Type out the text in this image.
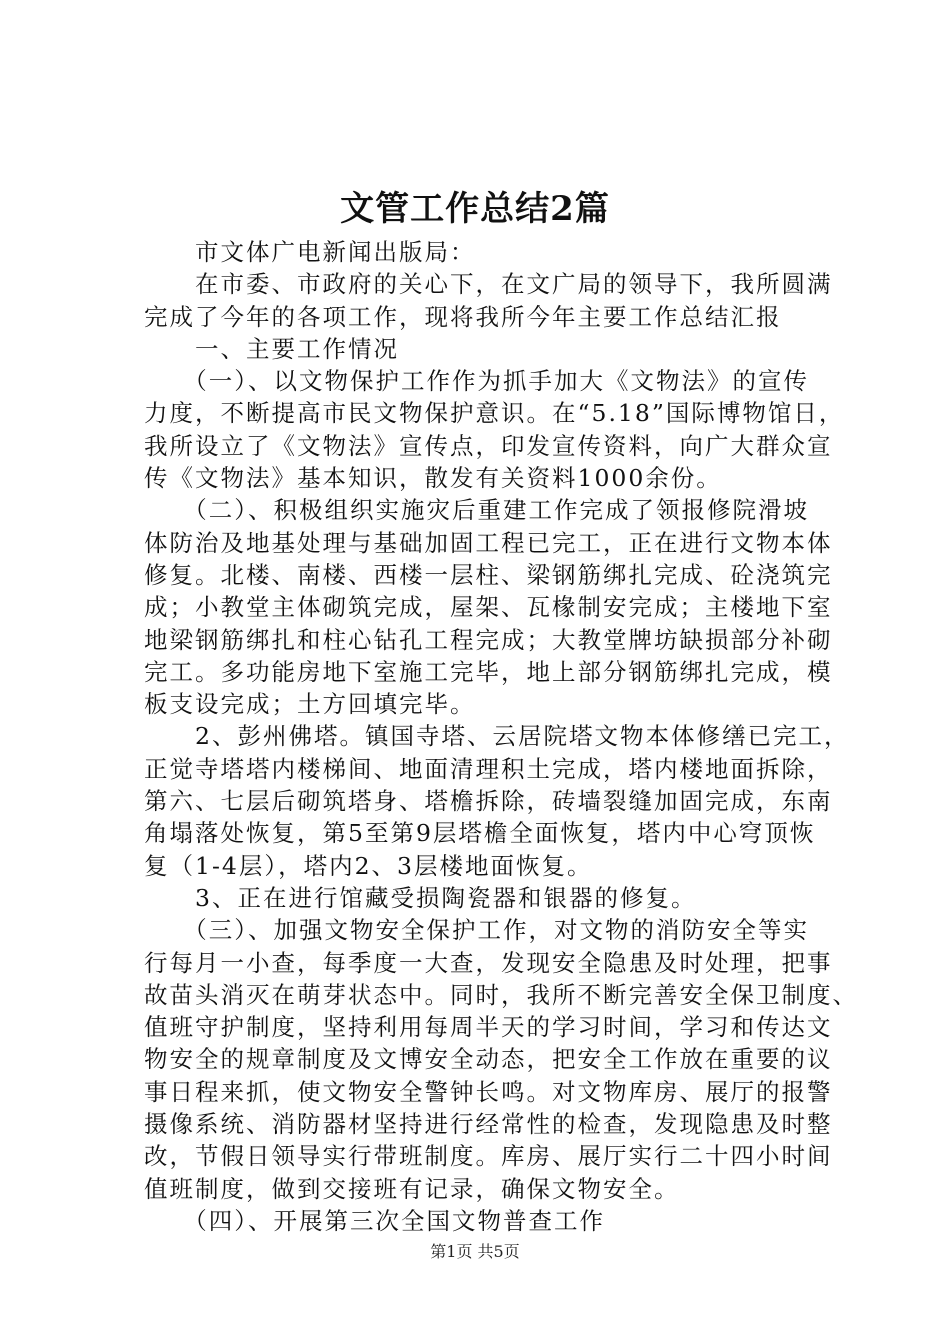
文管工作总结2篇
　　市文体广电新闻出版局：
　　在市委、市政府的关心下，在文广局的领导下，我所圆满
完成了今年的各项工作，现将我所今年主要工作总结汇报
　　一、主要工作情况
　　（一）、以文物保护工作作为抓手加大《文物法》的宣传
力度，不断提高市民文物保护意识。在“5.18”国际博物馆日，
我所设立了《文物法》宣传点，印发宣传资料，向广大群众宣
传《文物法》基本知识，散发有关资料1000余份。
　　（二）、积极组织实施灾后重建工作完成了领报修院滑坡
体防治及地基处理与基础加固工程已完工，正在进行文物本体
修复。北楼、南楼、西楼一层柱、梁钢筋绑扎完成、砼浇筑完
成；小教堂主体砌筑完成，屋架、瓦椽制安完成；主楼地下室
地梁钢筋绑扎和柱心钻孔工程完成；大教堂牌坊缺损部分补砌
完工。多功能房地下室施工完毕，地上部分钢筋绑扎完成，模
板支设完成；土方回填完毕。
　　2、彭州佛塔。镇国寺塔、云居院塔文物本体修缮已完工，
正觉寺塔塔内楼梯间、地面清理积土完成，塔内楼地面拆除，
第六、七层后砌筑塔身、塔檐拆除，砖墙裂缝加固完成，东南
角塌落处恢复，第5至第9层塔檐全面恢复，塔内中心穹顶恢
复（1-4层），塔内2、3层楼地面恢复。
　　3、正在进行馆藏受损陶瓷器和银器的修复。
　　（三）、加强文物安全保护工作，对文物的消防安全等实
行每月一小查，每季度一大查，发现安全隐患及时处理，把事
故苗头消灭在萌芽状态中。同时，我所不断完善安全保卫制度、
值班守护制度，坚持利用每周半天的学习时间，学习和传达文
物安全的规章制度及文博安全动态，把安全工作放在重要的议
事日程来抓，使文物安全警钟长鸣。对文物库房、展厅的报警
摄像系统、消防器材坚持进行经常性的检查，发现隐患及时整
改，节假日领导实行带班制度。库房、展厅实行二十四小时间
值班制度，做到交接班有记录，确保文物安全。
　　（四）、开展第三次全国文物普查工作
第1页 共5页
